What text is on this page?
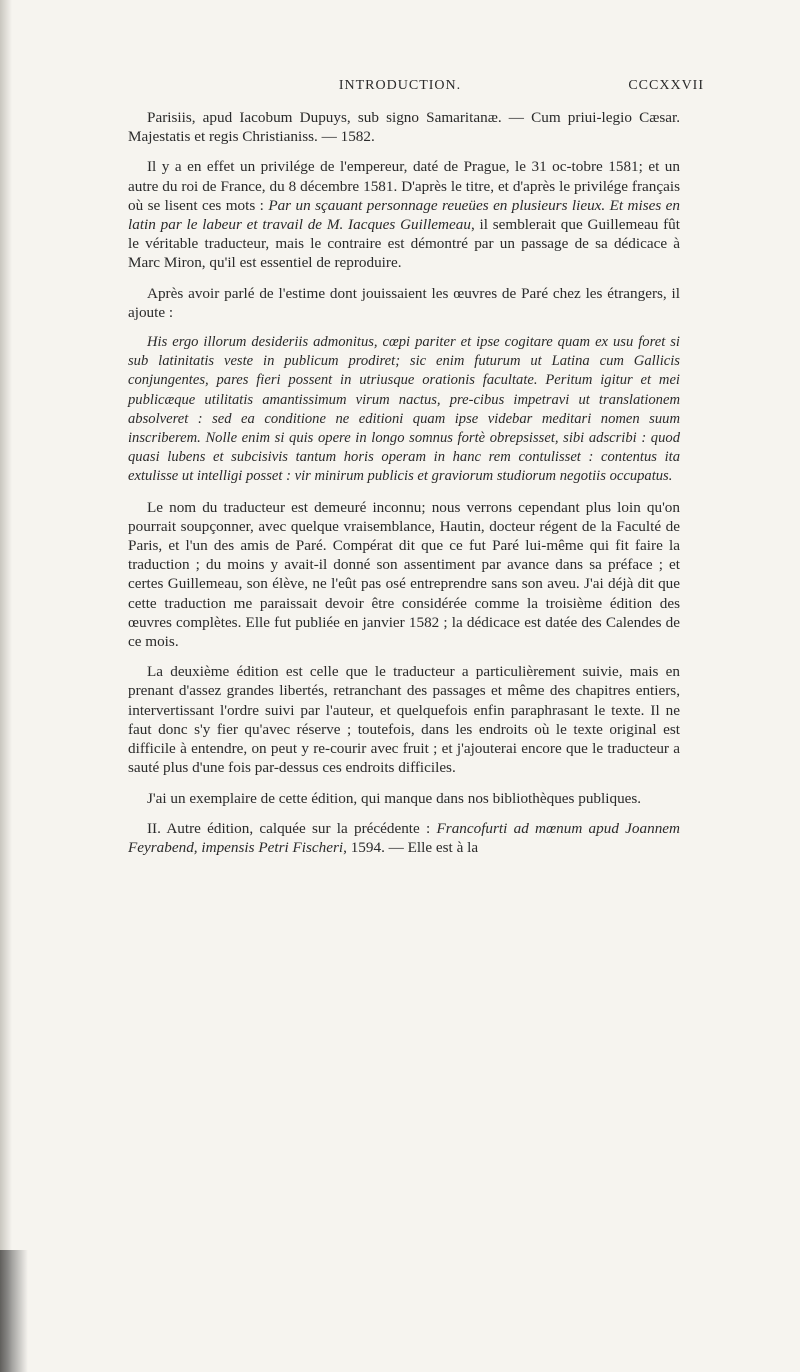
INTRODUCTION.	CCCXXVII

Parisiis, apud Iacobum Dupuys, sub signo Samaritanæ. — Cum priui-legio Cæsar. Majestatis et regis Christianiss. — 1582.

Il y a en effet un privilége de l'empereur, daté de Prague, le 31 oc-tobre 1581; et un autre du roi de France, du 8 décembre 1581. D'après le titre, et d'après le privilége français où se lisent ces mots : Par un sçauant personnage reueües en plusieurs lieux. Et mises en latin par le labeur et travail de M. Iacques Guillemeau, il semblerait que Guillemeau fût le véritable traducteur, mais le contraire est démontré par un passage de sa dédicace à Marc Miron, qu'il est essentiel de reproduire.

Après avoir parlé de l'estime dont jouissaient les œuvres de Paré chez les étrangers, il ajoute :

His ergo illorum desideriis admonitus, cœpi pariter et ipse cogitare quam ex usu foret si sub latinitatis veste in publicum prodiret; sic enim futurum ut Latina cum Gallicis conjungentes, pares fieri possent in utriusque orationis facultate. Peritum igitur et mei publicæque utilitatis amantissimum virum nactus, pre-cibus impetravi ut translationem absolveret : sed ea conditione ne editioni quam ipse videbar meditari nomen suum inscriberem. Nolle enim si quis opere in longo somnus fortè obrepsisset, sibi adscribi : quod quasi lubens et subcisivis tantum horis operam in hanc rem contulisset : contentus ita extulisse ut intelligi posset : vir minirum publicis et graviorum studiorum negotiis occupatus.

Le nom du traducteur est demeuré inconnu; nous verrons cependant plus loin qu'on pourrait soupçonner, avec quelque vraisemblance, Hautin, docteur régent de la Faculté de Paris, et l'un des amis de Paré. Compérat dit que ce fut Paré lui-même qui fit faire la traduction ; du moins y avait-il donné son assentiment par avance dans sa préface ; et certes Guillemeau, son élève, ne l'eût pas osé entreprendre sans son aveu. J'ai déjà dit que cette traduction me paraissait devoir être considérée comme la troisième édition des œuvres complètes. Elle fut publiée en janvier 1582 ; la dédicace est datée des Calendes de ce mois.

La deuxième édition est celle que le traducteur a particulièrement suivie, mais en prenant d'assez grandes libertés, retranchant des passages et même des chapitres entiers, intervertissant l'ordre suivi par l'auteur, et quelquefois enfin paraphrasant le texte. Il ne faut donc s'y fier qu'avec réserve ; toutefois, dans les endroits où le texte original est difficile à entendre, on peut y re-courir avec fruit ; et j'ajouterai encore que le traducteur a sauté plus d'une fois par-dessus ces endroits difficiles.

J'ai un exemplaire de cette édition, qui manque dans nos bibliothèques publiques.

II. Autre édition, calquée sur la précédente : Francofurti ad mœnum apud Joannem Feyrabend, impensis Petri Fischeri, 1594. — Elle est à la
